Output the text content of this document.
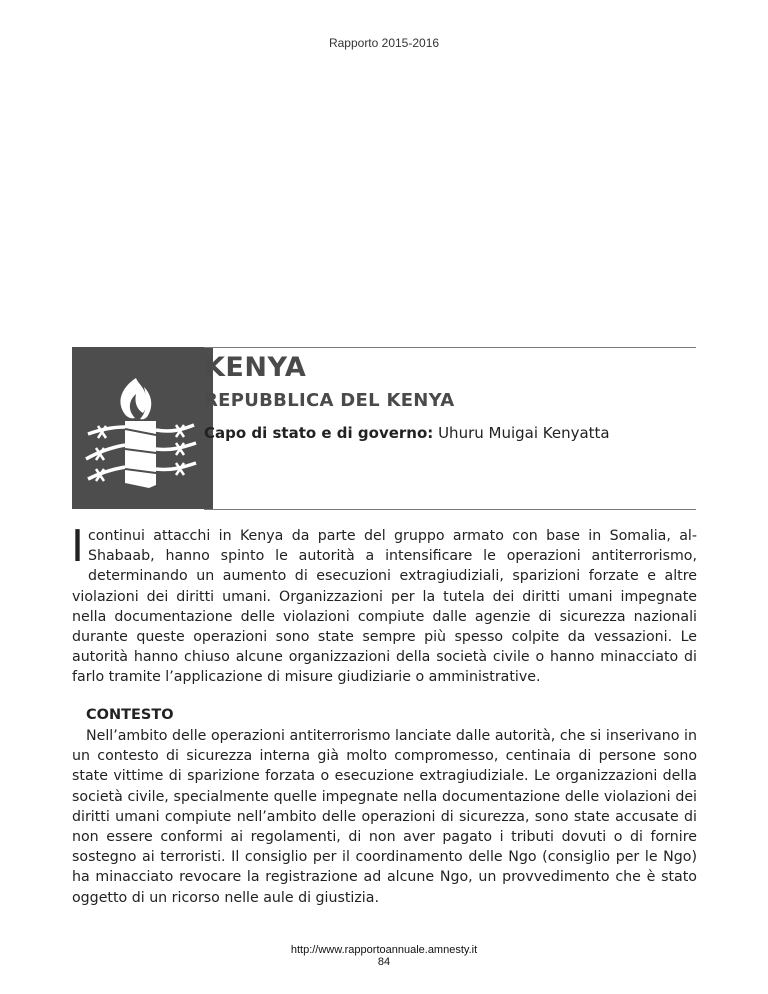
Rapporto 2015-2016
KENYA
REPUBBLICA DEL KENYA
Capo di stato e di governo: Uhuru Muigai Kenyatta
I continui attacchi in Kenya da parte del gruppo armato con base in Somalia, al-Shabaab, hanno spinto le autorità a intensificare le operazioni antiterrorismo, determinando un aumento di esecuzioni extragiudiziali, sparizioni forzate e altre violazioni dei diritti umani. Organizzazioni per la tutela dei diritti umani impegnate nella documentazione delle violazioni compiute dalle agenzie di sicurezza nazionali durante queste operazioni sono state sempre più spesso colpite da vessazioni. Le autorità hanno chiuso alcune organizzazioni della società civile o hanno minacciato di farlo tramite l’applicazione di misure giudiziarie o amministrative.
CONTESTO
Nell’ambito delle operazioni antiterrorismo lanciate dalle autorità, che si inserivano in un contesto di sicurezza interna già molto compromesso, centinaia di persone sono state vittime di sparizione forzata o esecuzione extragiudiziale. Le organizzazioni della società civile, specialmente quelle impegnate nella documentazione delle violazioni dei diritti umani compiute nell’ambito delle operazioni di sicurezza, sono state accusate di non essere conformi ai regolamenti, di non aver pagato i tributi dovuti o di fornire sostegno ai terroristi. Il consiglio per il coordinamento delle Ngo (consiglio per le Ngo) ha minacciato revocare la registrazione ad alcune Ngo, un provvedimento che è stato oggetto di un ricorso nelle aule di giustizia.
http://www.rapportoannuale.amnesty.it
84
